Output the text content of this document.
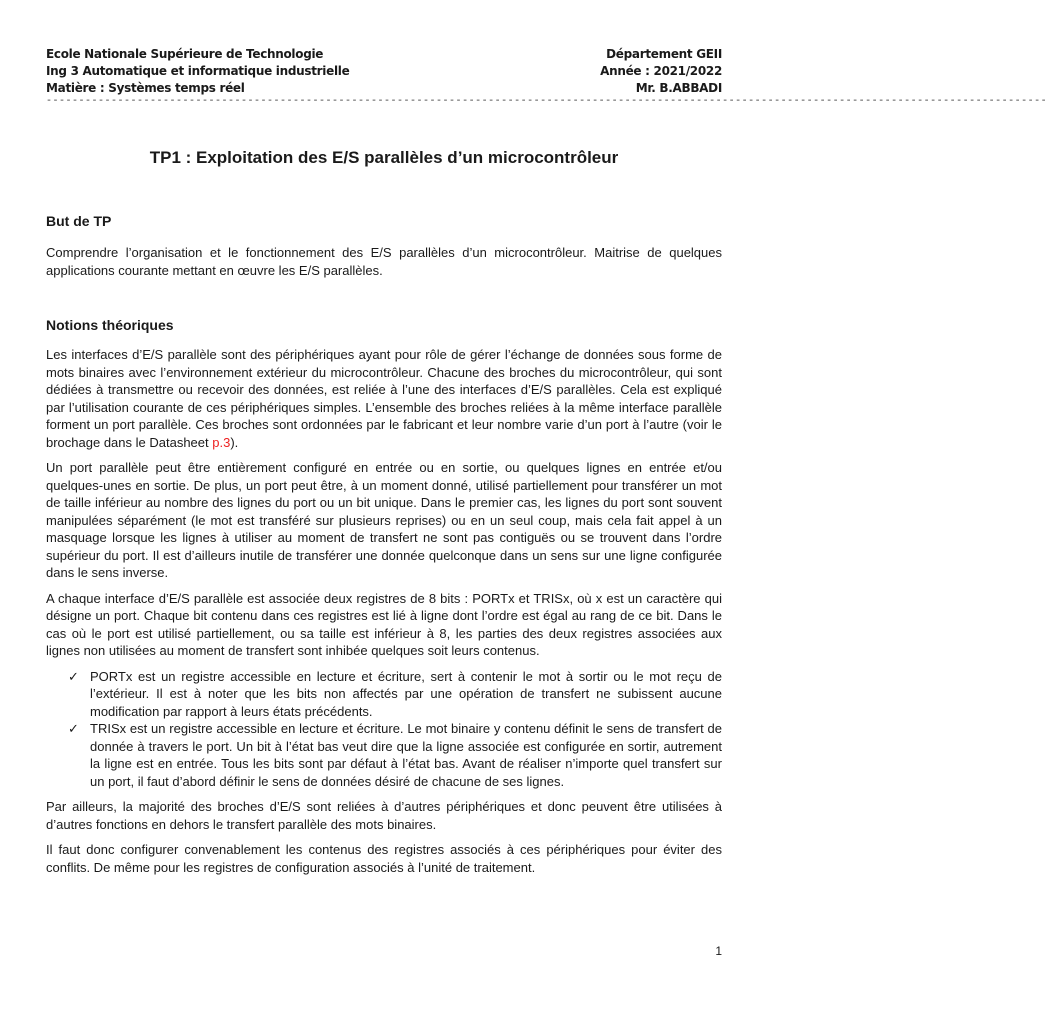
Ecole Nationale Supérieure de Technologie
Ing 3 Automatique et informatique industrielle
Matière : Systèmes temps réel
Département GEII
Année : 2021/2022
Mr. B.ABBADI
----------------------------------------------------------------------------------------------------------------------------------------------------------
TP1 : Exploitation des E/S parallèles d’un microcontrôleur
But de TP

Comprendre l’organisation et le fonctionnement des E/S parallèles d’un microcontrôleur. Maitrise de quelques applications courante mettant en œuvre les E/S parallèles.

Notions théoriques

Les interfaces d’E/S parallèle sont des périphériques ayant pour rôle de gérer l’échange de données sous forme de mots binaires avec l’environnement extérieur du microcontrôleur. Chacune des broches du microcontrôleur, qui sont dédiées à transmettre ou recevoir des données, est reliée à l’une des interfaces d’E/S parallèles. Cela est expliqué par l’utilisation courante de ces périphériques simples. L’ensemble des broches reliées à la même interface parallèle forment un port parallèle. Ces broches sont ordonnées par le fabricant et leur nombre varie d’un port à l’autre (voir le brochage dans le Datasheet p.3).

Un port parallèle peut être entièrement configuré en entrée ou en sortie, ou quelques lignes en entrée et/ou quelques-unes en sortie. De plus, un port peut être, à un moment donné, utilisé partiellement pour transférer un mot de taille inférieur au nombre des lignes du port ou un bit unique. Dans le premier cas, les lignes du port sont souvent manipulées séparément (le mot est transféré sur plusieurs reprises) ou en un seul coup, mais cela fait appel à un masquage lorsque les lignes à utiliser au moment de transfert ne sont pas contiguës ou se trouvent dans l’ordre supérieur du port. Il est d’ailleurs inutile de transférer une donnée quelconque dans un sens sur une ligne configurée dans le sens inverse.

A chaque interface d’E/S parallèle est associée deux registres de 8 bits : PORTx et TRISx, où x est un caractère qui désigne un port. Chaque bit contenu dans ces registres est lié à ligne dont l’ordre est égal au rang de ce bit. Dans le cas où le port est utilisé partiellement, ou sa taille est inférieur à 8, les parties des deux registres associées aux lignes non utilisées au moment de transfert sont inhibée quelques soit leurs contenus.

✓ PORTx est un registre accessible en lecture et écriture, sert à contenir le mot à sortir ou le mot reçu de l’extérieur. Il est à noter que les bits non affectés par une opération de transfert ne subissent aucune modification par rapport à leurs états précédents.
✓ TRISx est un registre accessible en lecture et écriture. Le mot binaire y contenu définit le sens de transfert de donnée à travers le port. Un bit à l’état bas veut dire que la ligne associée est configurée en sortir, autrement la ligne est en entrée. Tous les bits sont par défaut à l’état bas. Avant de réaliser n’importe quel transfert sur un port, il faut d’abord définir le sens de données désiré de chacune de ses lignes.

Par ailleurs, la majorité des broches d’E/S sont reliées à d’autres périphériques et donc peuvent être utilisées à d’autres fonctions en dehors le transfert parallèle des mots binaires.

Il faut donc configurer convenablement les contenus des registres associés à ces périphériques pour éviter des conflits. De même pour les registres de configuration associés à l’unité de traitement.

1
